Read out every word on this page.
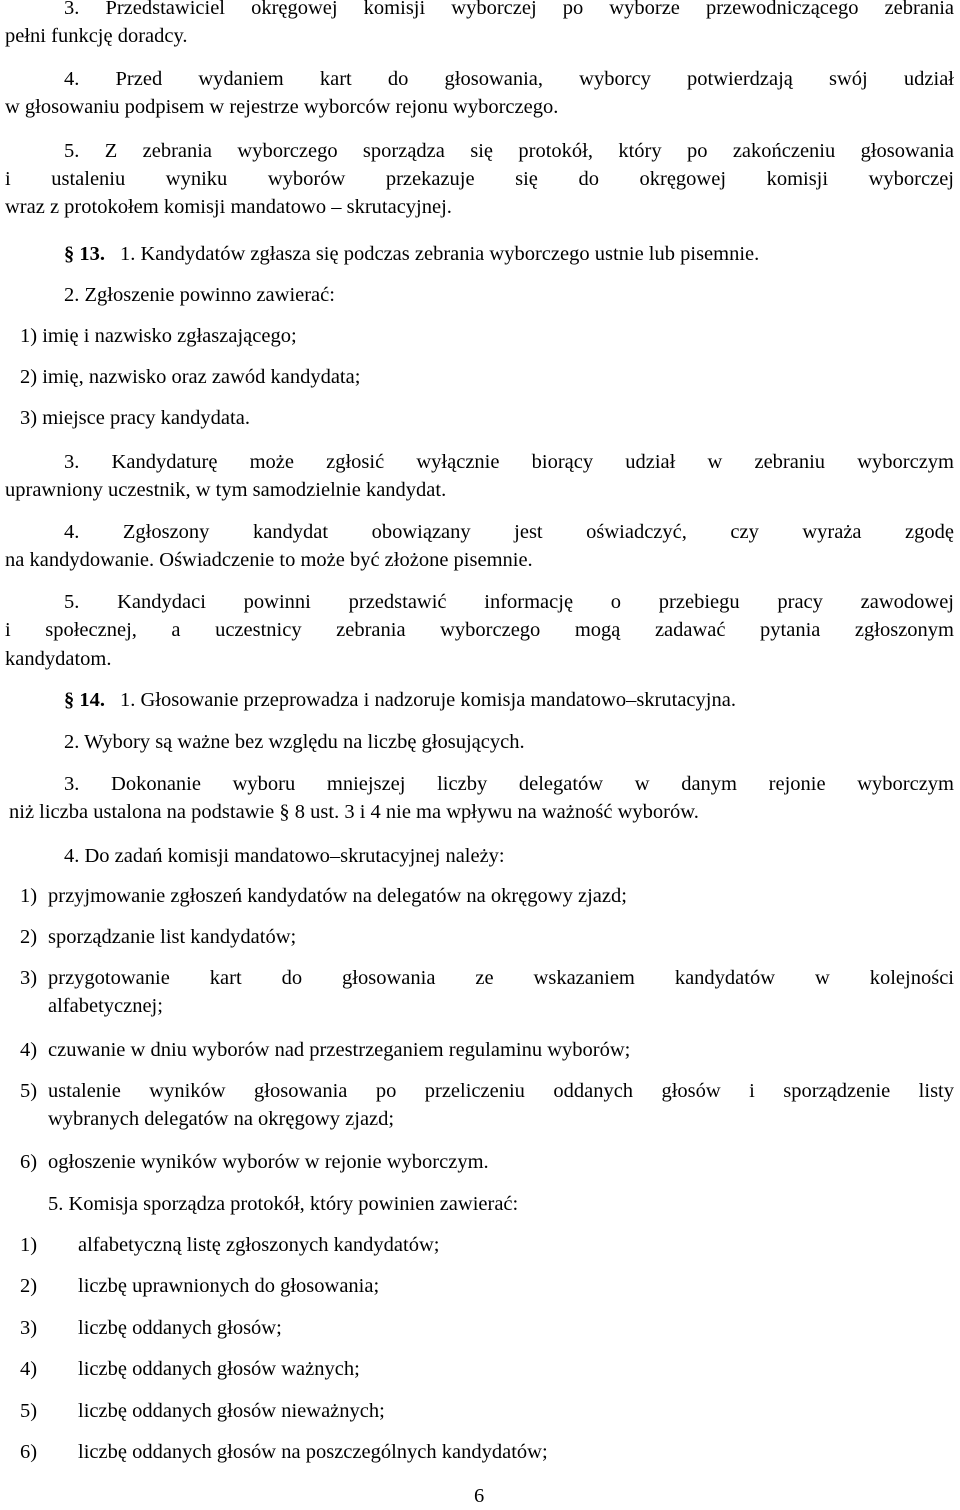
3. Przedstawiciel okręgowej komisji wyborczej po wyborze przewodniczącego zebrania

pełni funkcję doradcy.

4. Przed wydaniem kart do głosowania, wyborcy potwierdzają swój udział

w głosowaniu podpisem w rejestrze wyborców rejonu wyborczego.

5. Z zebrania wyborczego sporządza się protokół, który po zakończeniu głosowania

i ustaleniu wyniku wyborów przekazuje się do okręgowej komisji wyborczej

wraz z protokołem komisji mandatowo – skrutacyjnej.

§ 13. 1. Kandydatów zgłasza się podczas zebrania wyborczego ustnie lub pisemnie.

2. Zgłoszenie powinno zawierać:

1) imię i nazwisko zgłaszającego;

2) imię, nazwisko oraz zawód kandydata;

3) miejsce pracy kandydata.

3. Kandydaturę może zgłosić wyłącznie biorący udział w zebraniu wyborczym

uprawniony uczestnik, w tym samodzielnie kandydat.

4. Zgłoszony kandydat obowiązany jest oświadczyć, czy wyraża zgodę

na kandydowanie. Oświadczenie to może być złożone pisemnie.

5. Kandydaci powinni przedstawić informację o przebiegu pracy zawodowej

i społecznej, a uczestnicy zebrania wyborczego mogą zadawać pytania zgłoszonym

kandydatom.

§ 14. 1. Głosowanie przeprowadza i nadzoruje komisja mandatowo–skrutacyjna.

2. Wybory są ważne bez względu na liczbę głosujących.

3. Dokonanie wyboru mniejszej liczby delegatów w danym rejonie wyborczym

niż liczba ustalona na podstawie § 8 ust. 3 i 4 nie ma wpływu na ważność wyborów.

4. Do zadań komisji mandatowo–skrutacyjnej należy:

1) przyjmowanie zgłoszeń kandydatów na delegatów na okręgowy zjazd;
2) sporządzanie list kandydatów;
3) przygotowanie kart do głosowania ze wskazaniem kandydatów w kolejności
alfabetycznej;
4) czuwanie w dniu wyborów nad przestrzeganiem regulaminu wyborów;
5) ustalenie wyników głosowania po przeliczeniu oddanych głosów i sporządzenie listy
wybranych delegatów na okręgowy zjazd;
6) ogłoszenie wyników wyborów w rejonie wyborczym.

5. Komisja sporządza protokół, który powinien zawierać:

1) alfabetyczną listę zgłoszonych kandydatów;
2) liczbę uprawnionych do głosowania;
3) liczbę oddanych głosów;
4) liczbę oddanych głosów ważnych;
5) liczbę oddanych głosów nieważnych;
6) liczbę oddanych głosów na poszczególnych kandydatów;
6
